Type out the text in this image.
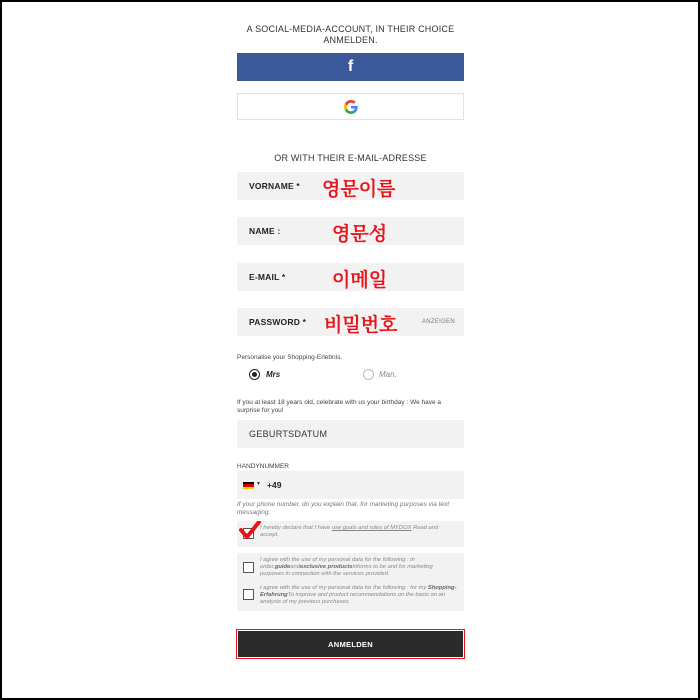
A SOCIAL-MEDIA-ACCOUNT, IN THEIR CHOICE
ANMELDEN.
f
OR WITH THEIR E-MAIL-ADRESSE
VORNAME * 영문이름
NAME :	영문성
E-MAIL * 이메일
PASSWORD * 비밀번호	ANZEIGEN
Personalise your Shopping-Erlebnis.
Mrs	Man.
If you at least 18 years old, celebrate with us your birthday : We have a surprise for you!
GEBURTSDATUM
HANDYNUMMER
▼ +49
If your phone number, do you explain that, for marketing purposes via text messaging.
I hereby declare that I have use goals and rules of MYDOX Read and accept.
I agree with the use of my personal data for the following : in order,guideandexclusive productsinforms to be and for marketing purposes in connection with the services provided.
I agree with the use of my personal data for the following : for my Shopping-ErfahrungTo improve and product recommendations on the basis on an analysis of my previous purchases.
ANMELDEN
